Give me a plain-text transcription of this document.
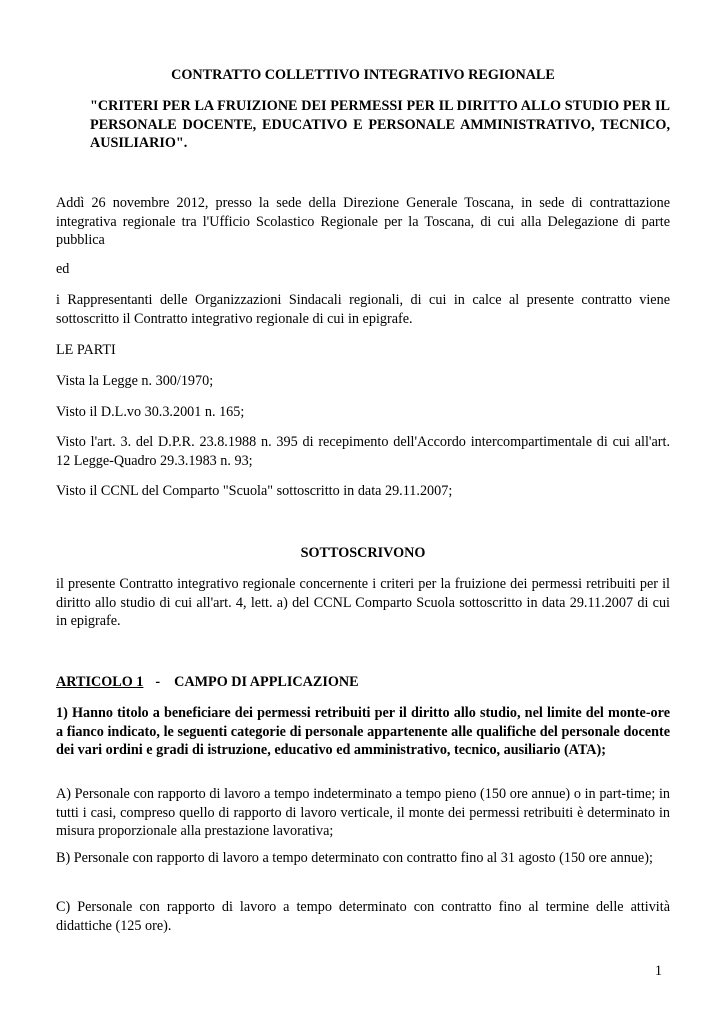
CONTRATTO COLLETTIVO INTEGRATIVO REGIONALE

"CRITERI PER LA FRUIZIONE DEI PERMESSI PER IL DIRITTO ALLO STUDIO PER IL PERSONALE DOCENTE, EDUCATIVO E PERSONALE AMMINISTRATIVO, TECNICO, AUSILIARIO".

Addì 26 novembre 2012, presso la sede della Direzione Generale Toscana, in sede di contrattazione integrativa regionale tra l'Ufficio Scolastico Regionale per la Toscana, di cui alla Delegazione di parte pubblica

ed

i Rappresentanti delle Organizzazioni Sindacali regionali, di cui in calce al presente contratto viene sottoscritto il Contratto integrativo regionale di cui in epigrafe.

LE PARTI

Vista la Legge n. 300/1970;

Visto il D.L.vo 30.3.2001 n. 165;

Visto l'art. 3. del D.P.R. 23.8.1988 n. 395 di recepimento dell'Accordo intercompartimentale di cui all'art. 12 Legge-Quadro 29.3.1983 n. 93;

Visto il CCNL del Comparto "Scuola" sottoscritto in data 29.11.2007;

SOTTOSCRIVONO

il presente Contratto integrativo regionale concernente i criteri per la fruizione dei permessi retribuiti per il diritto allo studio di cui all'art. 4, lett. a) del CCNL Comparto Scuola sottoscritto in data 29.11.2007 di cui in epigrafe.

ARTICOLO 1 - CAMPO DI APPLICAZIONE

1) Hanno titolo a beneficiare dei permessi retribuiti per il diritto allo studio, nel limite del monte-ore a fianco indicato, le seguenti categorie di personale appartenente alle qualifiche del personale docente dei vari ordini e gradi di istruzione, educativo ed amministrativo, tecnico, ausiliario (ATA);

A) Personale con rapporto di lavoro a tempo indeterminato a tempo pieno (150 ore annue) o in part-time; in tutti i casi, compreso quello di rapporto di lavoro verticale, il monte dei permessi retribuiti è determinato in misura proporzionale alla prestazione lavorativa;

B) Personale con rapporto di lavoro a tempo determinato con contratto fino al 31 agosto (150 ore annue);

C) Personale con rapporto di lavoro a tempo determinato con contratto fino al termine delle attività didattiche (125 ore).

1
